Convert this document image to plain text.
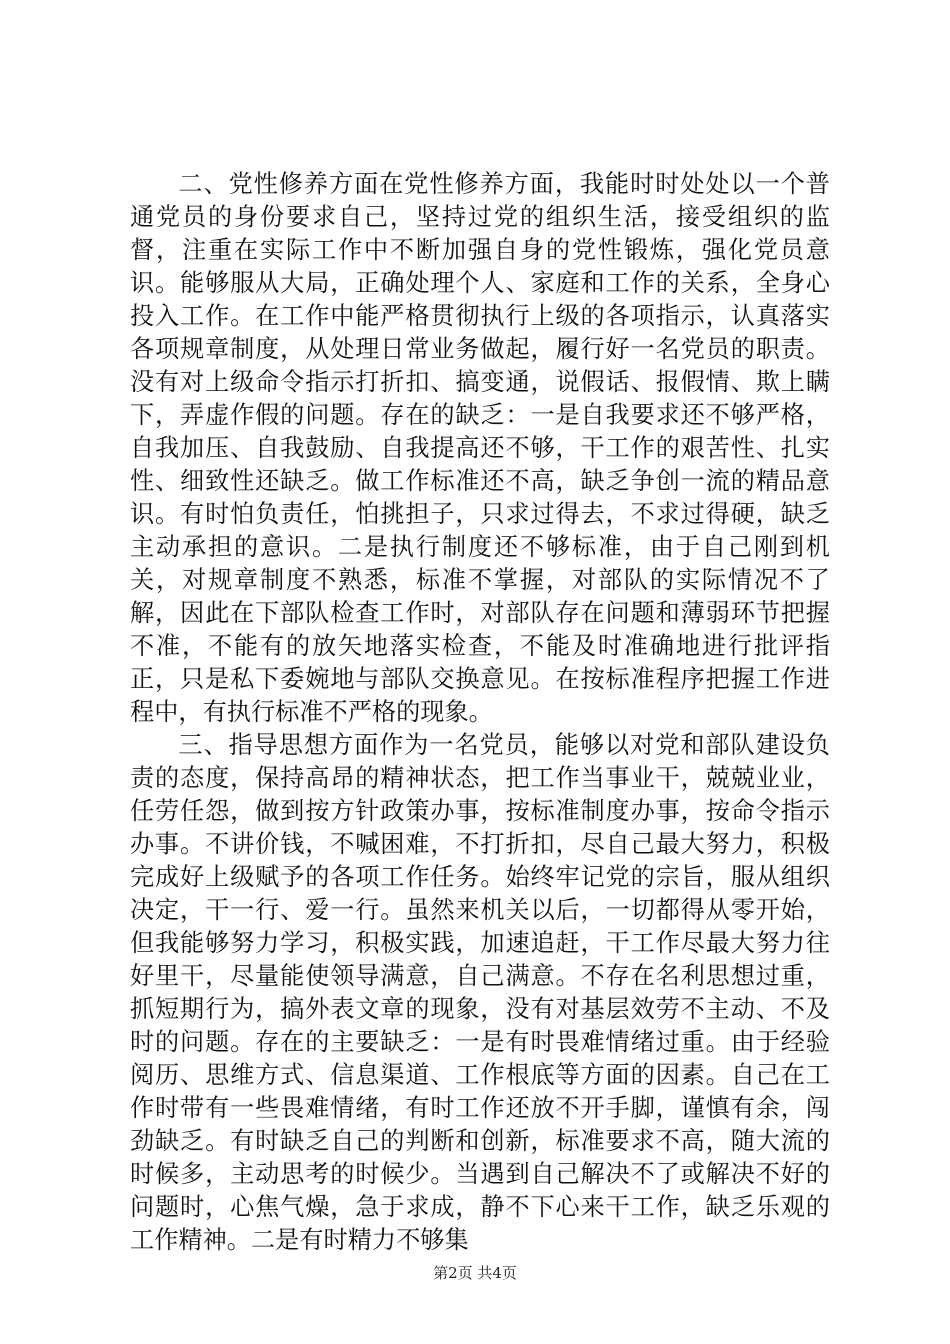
二、党性修养方面在党性修养方面，我能时时处处以一个普通党员的身份要求自己，坚持过党的组织生活，接受组织的监督，注重在实际工作中不断加强自身的党性锻炼，强化党员意识。能够服从大局，正确处理个人、家庭和工作的关系，全身心投入工作。在工作中能严格贯彻执行上级的各项指示，认真落实各项规章制度，从处理日常业务做起，履行好一名党员的职责。没有对上级命令指示打折扣、搞变通，说假话、报假情、欺上瞒下，弄虚作假的问题。存在的缺乏：一是自我要求还不够严格，自我加压、自我鼓励、自我提高还不够，干工作的艰苦性、扎实性、细致性还缺乏。做工作标准还不高，缺乏争创一流的精品意识。有时怕负责任，怕挑担子，只求过得去，不求过得硬，缺乏主动承担的意识。二是执行制度还不够标准，由于自己刚到机关，对规章制度不熟悉，标准不掌握，对部队的实际情况不了解，因此在下部队检查工作时，对部队存在问题和薄弱环节把握不准，不能有的放矢地落实检查，不能及时准确地进行批评指正，只是私下委婉地与部队交换意见。在按标准程序把握工作进程中，有执行标准不严格的现象。

三、指导思想方面作为一名党员，能够以对党和部队建设负责的态度，保持高昂的精神状态，把工作当事业干，兢兢业业，任劳任怨，做到按方针政策办事，按标准制度办事，按命令指示办事。不讲价钱，不喊困难，不打折扣，尽自己最大努力，积极完成好上级赋予的各项工作任务。始终牢记党的宗旨，服从组织决定，干一行、爱一行。虽然来机关以后，一切都得从零开始，但我能够努力学习，积极实践，加速追赶，干工作尽最大努力往好里干，尽量能使领导满意，自己满意。不存在名利思想过重，抓短期行为，搞外表文章的现象，没有对基层效劳不主动、不及时的问题。存在的主要缺乏：一是有时畏难情绪过重。由于经验阅历、思维方式、信息渠道、工作根底等方面的因素。自己在工作时带有一些畏难情绪，有时工作还放不开手脚，谨慎有余，闯劲缺乏。有时缺乏自己的判断和创新，标准要求不高，随大流的时候多，主动思考的时候少。当遇到自己解决不了或解决不好的问题时，心焦气燥，急于求成，静不下心来干工作，缺乏乐观的工作精神。二是有时精力不够集

第2页 共4页
